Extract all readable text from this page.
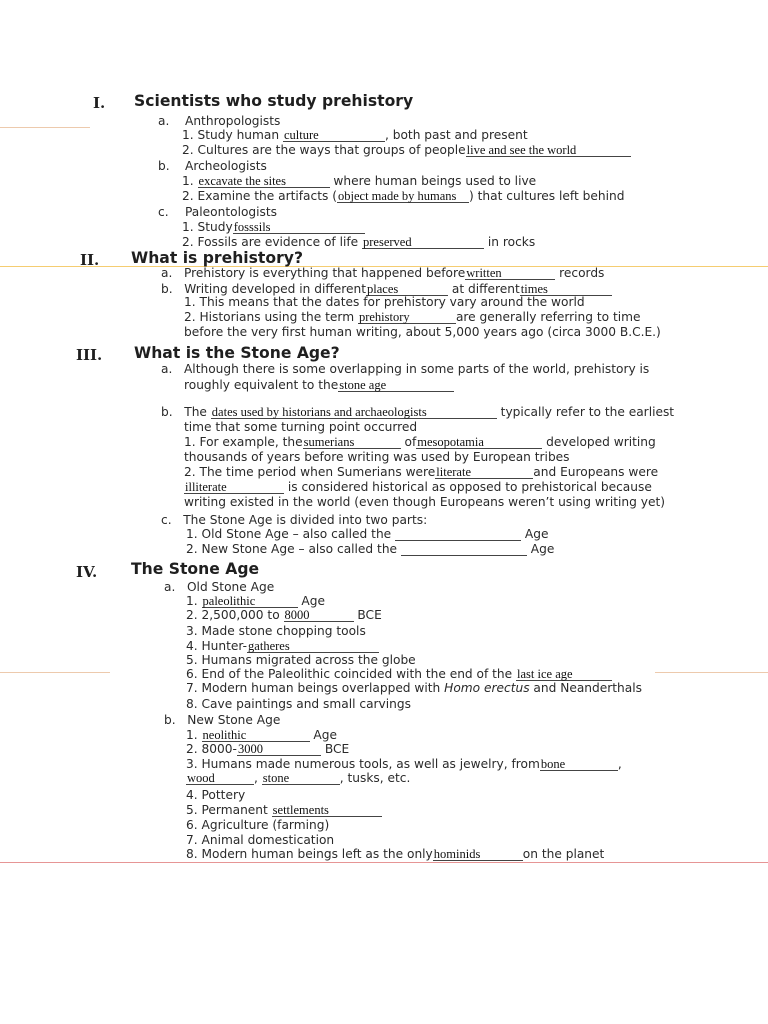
I. Scientists who study prehistory
a. Anthropologists
1. Study human culture	, both past and present
2. Cultures are the ways that groups of peoplelive and see the world
b. Archeologists
1. excavate the sites	where human beings used to live
2. Examine the artifacts (object made by humans ) that cultures left behind
c. Paleontologists
1. Studyfosssils
2. Fossils are evidence of life preserved	in rocks
II. What is prehistory?
a. Prehistory is everything that happened beforewritten	records
b. Writing developed in differentplaces	at differenttimes
1. This means that the dates for prehistory vary around the world
2. Historians using the term prehistory	are generally referring to time
before the very first human writing, about 5,000 years ago (circa 3000 B.C.E.)
III. What is the Stone Age?
a. Although there is some overlapping in some parts of the world, prehistory is
roughly equivalent to thestone age
b. The dates used by historians and archaeologists	typically refer to the earliest
time that some turning point occurred
1. For example, thesumerians	ofmesopotamia	developed writing
thousands of years before writing was used by European tribes
2. The time period when Sumerians wereliterate	and Europeans were
illiterate	is considered historical as opposed to prehistorical because
writing existed in the world (even though Europeans weren’t using writing yet)
c. The Stone Age is divided into two parts:
1. Old Stone Age – also called the	Age
2. New Stone Age – also called the	Age
IV. The Stone Age
a. Old Stone Age
1. paleolithic	Age
2. 2,500,000 to 8000	BCE
3. Made stone chopping tools
4. Hunter-gatheres
5. Humans migrated across the globe
6. End of the Paleolithic coincided with the end of the last ice age
7. Modern human beings overlapped with Homo erectus and Neanderthals
8. Cave paintings and small carvings
b. New Stone Age
1. neolithic	Age
2. 8000-3000	BCE
3. Humans made numerous tools, as well as jewelry, frombone	,
wood	, stone	, tusks, etc.
4. Pottery
5. Permanent settlements
6. Agriculture (farming)
7. Animal domestication
8. Modern human beings left as the onlyhominids	on the planet
